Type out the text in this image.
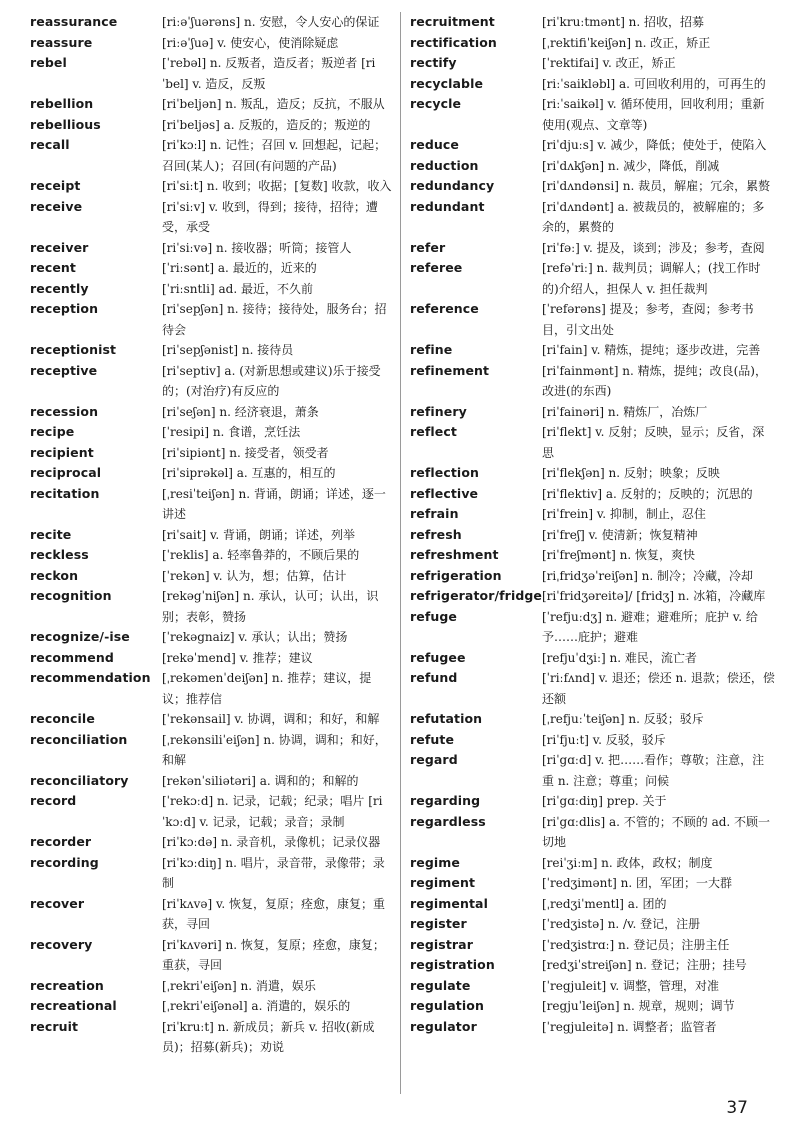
reassurance	[riːəˈʃuərəns] n. 安慰，令人安心的保证
reassure	[riːəˈʃuə] v. 使安心，使消除疑虑
rebel	[ˈrebəl] n. 反叛者，造反者；叛逆者 [riˈbel] v. 造反，反叛
rebellion	[riˈbeljən] n. 叛乱，造反；反抗，不服从
rebellious	[riˈbeljəs] a. 反叛的，造反的；叛逆的
recall	[riˈkɔːl] n. 记性；召回 v. 回想起，记起；召回(某人)；召回(有问题的产品)
receipt	[riˈsiːt] n. 收到；收据；[复数] 收款，收入
receive	[riˈsiːv] v. 收到，得到；接待，招待；遭受，承受
receiver	[riˈsiːvə] n. 接收器；听筒；接管人
recent	[ˈriːsənt] a. 最近的，近来的
recently	[ˈriːsntli] ad. 最近，不久前
reception	[riˈsepʃən] n. 接待；接待处，服务台；招待会
receptionist	[riˈsepʃənist] n. 接待员
receptive	[riˈseptiv] a. (对新思想或建议)乐于接受的；(对治疗)有反应的
recession	[riˈseʃən] n. 经济衰退，萧条
recipe	[ˈresipi] n. 食谱，烹饪法
recipient	[riˈsipiənt] n. 接受者，领受者
reciprocal	[riˈsiprəkəl] a. 互惠的，相互的
recitation	[ˌresiˈteiʃən] n. 背诵，朗诵；详述，逐一讲述
recite	[riˈsait] v. 背诵，朗诵；详述，列举
reckless	[ˈreklis] a. 轻率鲁莽的，不顾后果的
reckon	[ˈrekən] v. 认为，想；估算，估计
recognition	[rekəgˈniʃən] n. 承认，认可；认出，识别；表彰，赞扬
recognize/-ise	[ˈrekəgnaiz] v. 承认；认出；赞扬
recommend	[rekəˈmend] v. 推荐；建议
recommendation [ˌrekəmenˈdeiʃən] n. 推荐；建议，提议；推荐信
reconcile	[ˈrekənsail] v. 协调，调和；和好，和解
reconciliation	[ˌrekənsiliˈeiʃən] n. 协调，调和；和好，和解
reconciliatory	[rekənˈsiliətəri] a. 调和的；和解的
record	[ˈrekɔːd] n. 记录，记载；纪录；唱片 [riˈkɔːd] v. 记录，记载；录音；录制
recorder	[riˈkɔːdə] n. 录音机，录像机；记录仪器
recording	[riˈkɔːdiŋ] n. 唱片，录音带，录像带；录制
recover	[riˈkʌvə] v. 恢复，复原；痊愈，康复；重获，寻回
recovery	[riˈkʌvəri] n. 恢复，复原；痊愈，康复；重获，寻回
recreation	[ˌrekriˈeiʃən] n. 消遣，娱乐
recreational	[ˌrekriˈeiʃənəl] a. 消遣的，娱乐的
recruit	[riˈkruːt] n. 新成员；新兵 v. 招收(新成员)；招募(新兵)；劝说
recruitment	[riˈkruːtmənt] n. 招收，招募
rectification	[ˌrektifiˈkeiʃən] n. 改正，矫正
rectify	[ˈrektifai] v. 改正，矫正
recyclable	[riːˈsaikləbl] a. 可回收利用的，可再生的
recycle	[riːˈsaikəl] v. 循环使用，回收利用；重新使用(观点、文章等)
reduce	[riˈdjuːs] v. 减少，降低；使处于，使陷入
reduction	[riˈdʌkʃən] n. 减少，降低，削减
redundancy	[riˈdʌndənsi] n. 裁员，解雇；冗余，累赘
redundant	[riˈdʌndənt] a. 被裁员的，被解雇的；多余的，累赘的
refer	[riˈfəː] v. 提及，谈到；涉及；参考，查阅
referee	[refəˈriː] n. 裁判员；调解人；(找工作时的)介绍人，担保人 v. 担任裁判
reference	[ˈrefərəns] 提及；参考，查阅；参考书目，引文出处
refine	[riˈfain] v. 精炼，提纯；逐步改进，完善
refinement	[riˈfainmənt] n. 精炼，提纯；改良(品)，改进(的东西)
refinery	[riˈfainəri] n. 精炼厂，冶炼厂
reflect	[riˈflekt] v. 反射；反映，显示；反省，深思
reflection	[riˈflekʃən] n. 反射；映象；反映
reflective	[riˈflektiv] a. 反射的；反映的；沉思的
refrain	[riˈfrein] v. 抑制，制止，忍住
refresh	[riˈfreʃ] v. 使清新；恢复精神
refreshment	[riˈfreʃmənt] n. 恢复，爽快
refrigeration	[riˌfridʒəˈreiʃən] n. 制冷；冷藏，冷却
refrigerator/fridge [riˈfridʒəreitə]/ [fridʒ] n. 冰箱，冷藏库
refuge	[ˈrefjuːdʒ] n. 避难；避难所；庇护 v. 给予……庇护；避难
refugee	[refjuˈdʒiː] n. 难民，流亡者
refund	[ˈriːfʌnd] v. 退还；偿还 n. 退款；偿还，偿还额
refutation	[ˌrefjuːˈteiʃən] n. 反驳；驳斥
refute	[riˈfjuːt] v. 反驳，驳斥
regard	[riˈgɑːd] v. 把……看作；尊敬；注意，注重 n. 注意；尊重；问候
regarding	[riˈgɑːdiŋ] prep. 关于
regardless	[riˈgɑːdlis] a. 不管的；不顾的 ad. 不顾一切地
regime	[reiˈʒiːm] n. 政体，政权；制度
regiment	[ˈredʒimənt] n. 团，军团；一大群
regimental	[ˌredʒiˈmentl] a. 团的
register	[ˈredʒistə] n. /v. 登记，注册
registrar	[ˈredʒistrɑː] n. 登记员；注册主任
registration	[redʒiˈstreiʃən] n. 登记；注册；挂号
regulate	[ˈregjuleit] v. 调整，管理，对准
regulation	[regjuˈleiʃən] n. 规章，规则；调节
regulator	[ˈregjuleitə] n. 调整者；监管者
37
